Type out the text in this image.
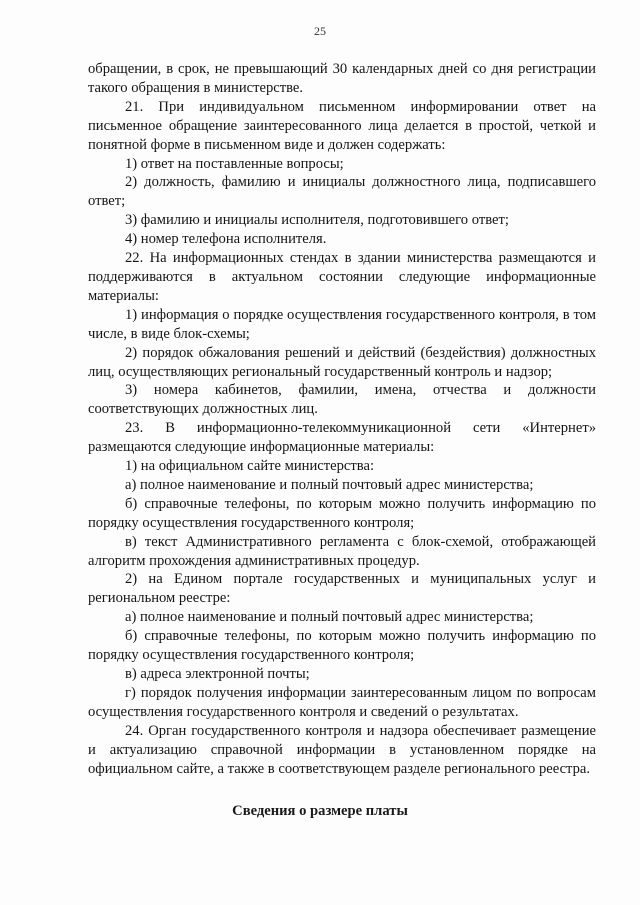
25

обращении, в срок, не превышающий 30 календарных дней со дня регистрации такого обращения в министерстве.

21. При индивидуальном письменном информировании ответ на письменное обращение заинтересованного лица делается в простой, четкой и понятной форме в письменном виде и должен содержать:

1) ответ на поставленные вопросы;

2) должность, фамилию и инициалы должностного лица, подписавшего ответ;

3) фамилию и инициалы исполнителя, подготовившего ответ;

4) номер телефона исполнителя.

22. На информационных стендах в здании министерства размещаются и поддерживаются в актуальном состоянии следующие информационные материалы:

1) информация о порядке осуществления государственного контроля, в том числе, в виде блок-схемы;

2) порядок обжалования решений и действий (бездействия) должностных лиц, осуществляющих региональный государственный контроль и надзор;

3) номера кабинетов, фамилии, имена, отчества и должности соответствующих должностных лиц.

23. В информационно-телекоммуникационной сети «Интернет» размещаются следующие информационные материалы:

1) на официальном сайте министерства:

а) полное наименование и полный почтовый адрес министерства;

б) справочные телефоны, по которым можно получить информацию по порядку осуществления государственного контроля;

в) текст Административного регламента с блок-схемой, отображающей алгоритм прохождения административных процедур.

2) на Едином портале государственных и муниципальных услуг и региональном реестре:

а) полное наименование и полный почтовый адрес министерства;

б) справочные телефоны, по которым можно получить информацию по порядку осуществления государственного контроля;

в) адреса электронной почты;

г) порядок получения информации заинтересованным лицом по вопросам осуществления государственного контроля и сведений о результатах.

24. Орган государственного контроля и надзора обеспечивает размещение и актуализацию справочной информации в установленном порядке на официальном сайте, а также в соответствующем разделе регионального реестра.

Сведения о размере платы
